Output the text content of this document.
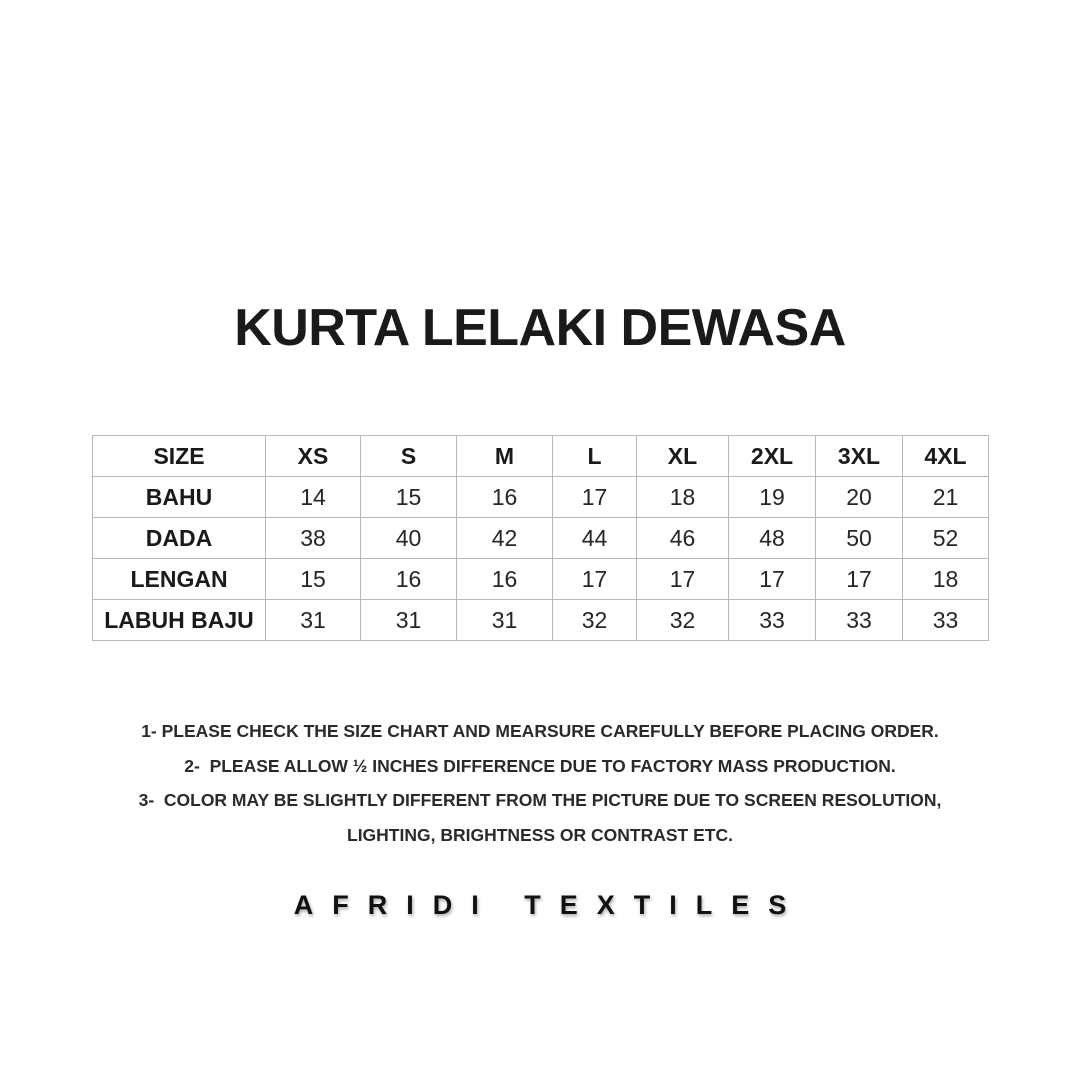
KURTA LELAKI DEWASA
SIZE	XS	S	M	L	XL	2XL	3XL	4XL
BAHU	14	15	16	17	18	19	20	21
DADA	38	40	42	44	46	48	50	52
LENGAN	15	16	16	17	17	17	17	18
LABUH BAJU	31	31	31	32	32	33	33	33
1- PLEASE CHECK THE SIZE CHART AND MEARSURE CAREFULLY BEFORE PLACING ORDER.
2-  PLEASE ALLOW ½ INCHES DIFFERENCE DUE TO FACTORY MASS PRODUCTION.
3-  COLOR MAY BE SLIGHTLY DIFFERENT FROM THE PICTURE DUE TO SCREEN RESOLUTION,
LIGHTING, BRIGHTNESS OR CONTRAST ETC.
AFRIDI TEXTILES
